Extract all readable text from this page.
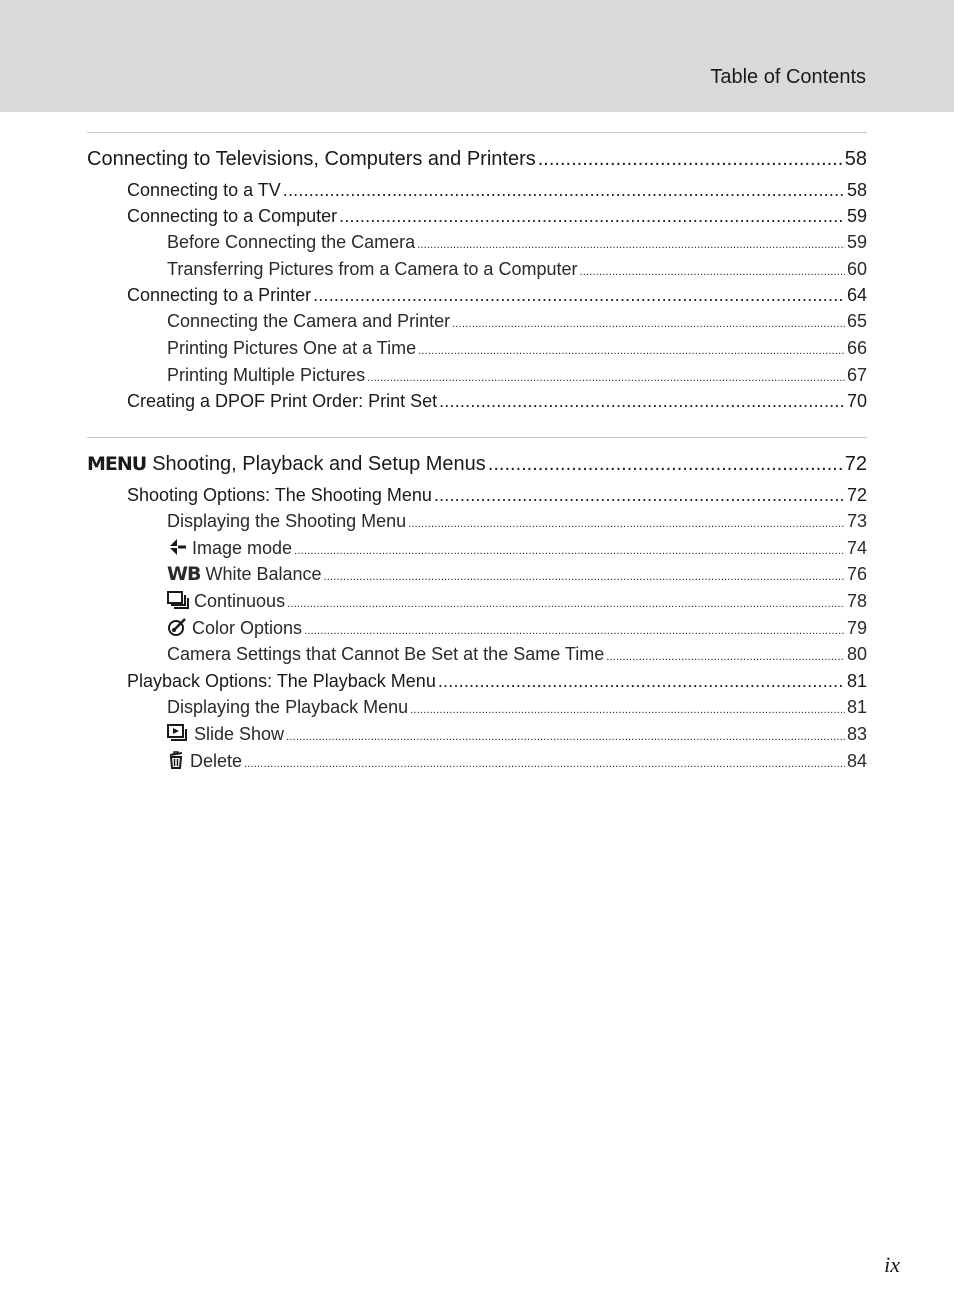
Table of Contents
Connecting to Televisions, Computers and Printers .....	58
Connecting to a TV .....	58
Connecting to a Computer .....	59
Before Connecting the Camera .....	59
Transferring Pictures from a Camera to a Computer .....	60
Connecting to a Printer .....	64
Connecting the Camera and Printer .....	65
Printing Pictures One at a Time .....	66
Printing Multiple Pictures .....	67
Creating a DPOF Print Order: Print Set .....	70
MENU Shooting, Playback and Setup Menus .....	72
Shooting Options: The Shooting Menu .....	72
Displaying the Shooting Menu .....	73
Image mode .....	74
WB White Balance .....	76
Continuous .....	78
Color Options .....	79
Camera Settings that Cannot Be Set at the Same Time .....	80
Playback Options: The Playback Menu .....	81
Displaying the Playback Menu .....	81
Slide Show .....	83
Delete .....	84
ix
